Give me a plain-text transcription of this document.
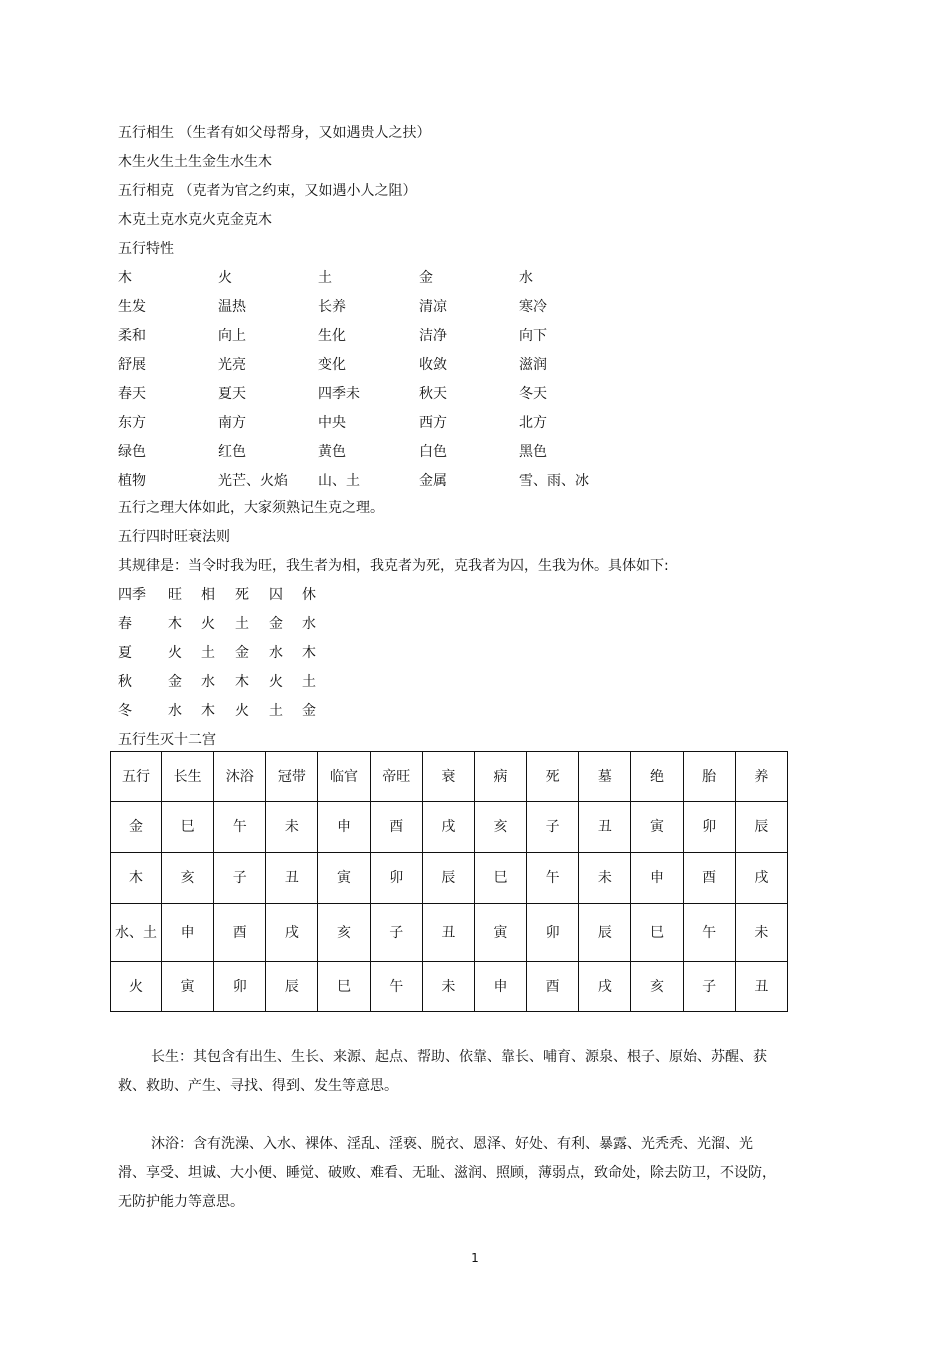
五行相生 （生者有如父母帮身，又如遇贵人之扶）
木生火生土生金生水生木
五行相克 （克者为官之约束，又如遇小人之阻）
木克土克水克火克金克木
五行特性
木	火	土	金	水
生发	温热	长养	清凉	寒冷
柔和	向上	生化	洁净	向下
舒展	光亮	变化	收敛	滋润
春天	夏天	四季未	秋天	冬天
东方	南方	中央	西方	北方
绿色	红色	黄色	白色	黑色
植物	光芒、火焰 山、土	金属	雪、雨、冰
五行之理大体如此，大家须熟记生克之理。
五行四时旺衰法则
其规律是：当令时我为旺，我生者为相，我克者为死，克我者为囚，生我为休。具体如下:
四季 旺 相 死 囚 休
春	木 火 土 金 水
夏	火 土 金 水 木
秋	金 水 木 火 土
冬	水 木 火 土 金
五行生灭十二宫
五行	长生	沐浴	冠带	临官	帝旺	衰	病	死	墓	绝	胎	养
金	巳	午	未	申	酉	戌	亥	子	丑	寅	卯	辰
木	亥	子	丑	寅	卯	辰	巳	午	未	申	酉	戌
水、土	申	酉	戌	亥	子	丑	寅	卯	辰	巳	午	未
火	寅	卯	辰	巳	午	未	申	酉	戌	亥	子	丑
长生：其包含有出生、生长、来源、起点、帮助、依靠、靠长、哺育、源泉、根子、原始、苏醒、获救、救助、产生、寻找、得到、发生等意思。
沐浴：含有洗澡、入水、裸体、淫乱、淫亵、脱衣、恩泽、好处、有利、暴露、光秃秃、光溜、光滑、享受、坦诚、大小便、睡觉、破败、难看、无耻、滋润、照顾，薄弱点，致命处，除去防卫，不设防，无防护能力等意思。
1
